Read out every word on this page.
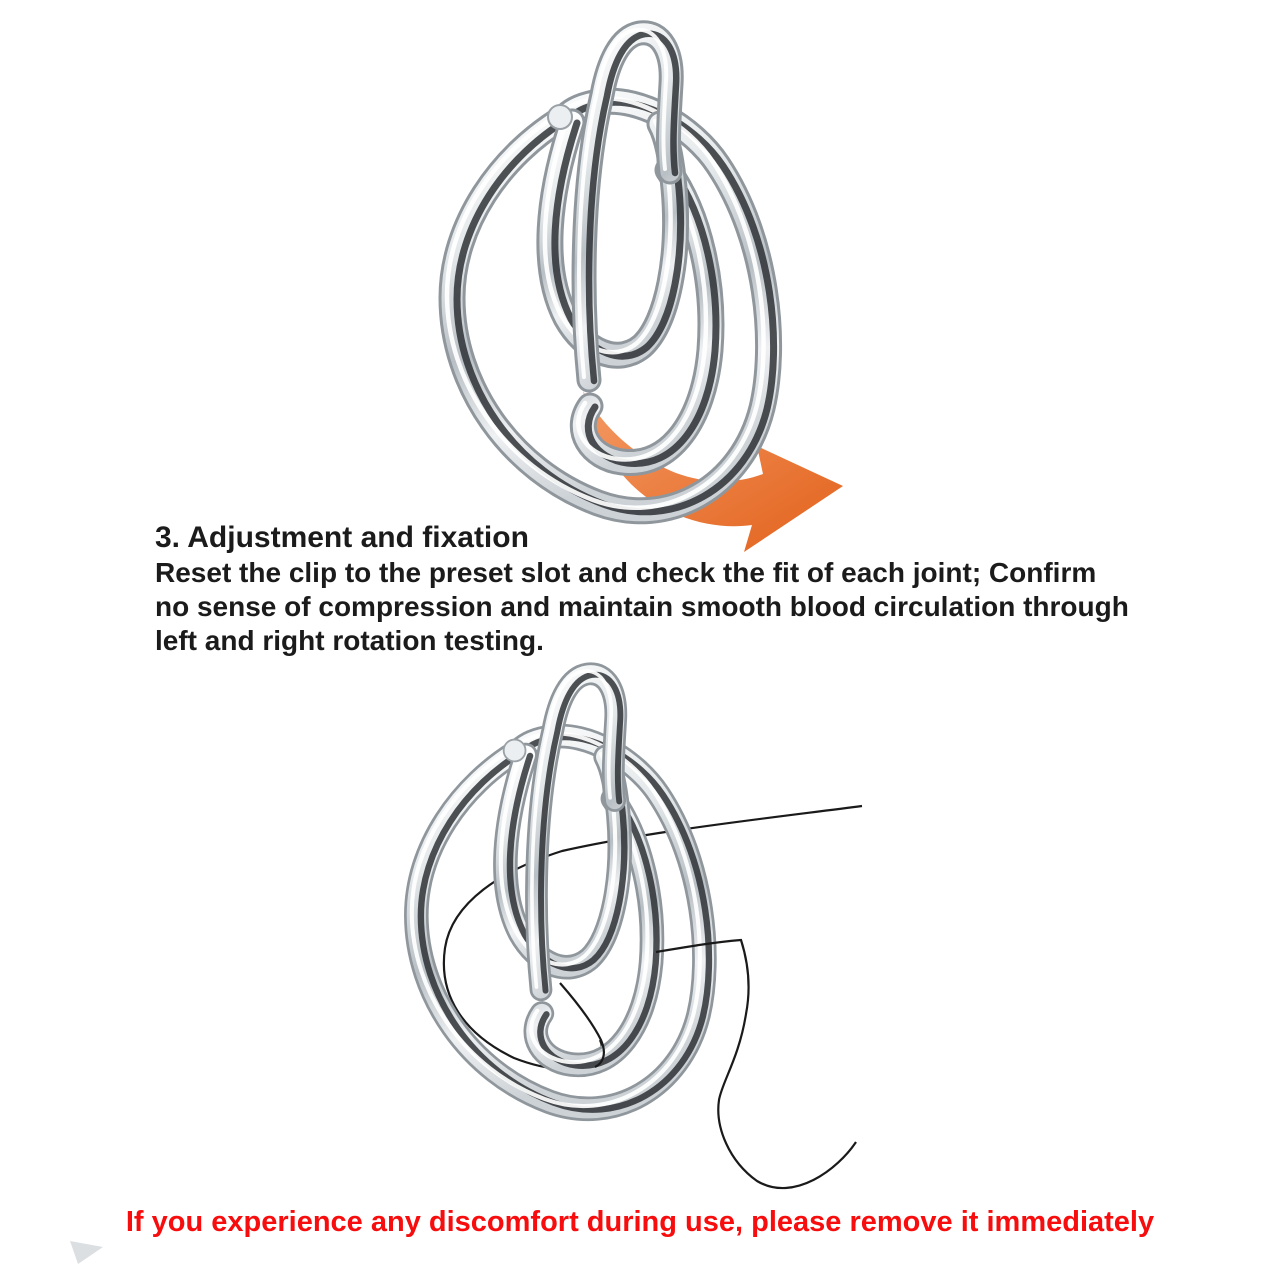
3. Adjustment and fixation
Reset the clip to the preset slot and check the fit of each joint; Confirm
no sense of compression and maintain smooth blood circulation through
left and right rotation testing.
If you experience any discomfort during use, please remove it immediately
